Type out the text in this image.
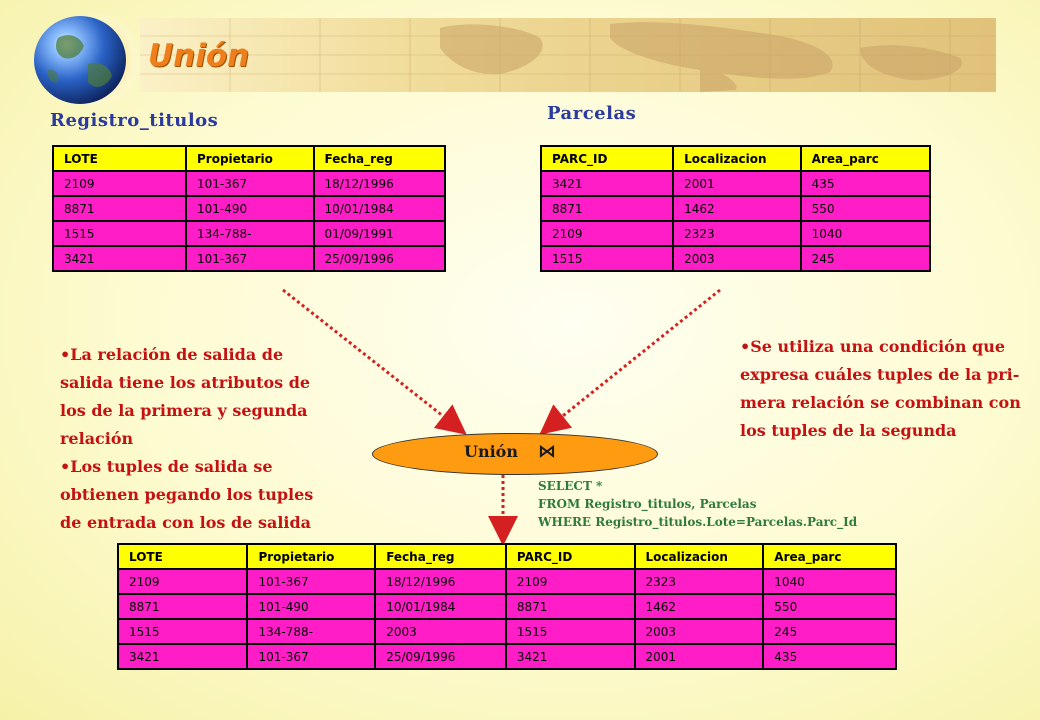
Unión
Registro_titulos	Parcelas
LOTE	Propietario	Fecha_reg
2109	101-367	18/12/1996
8871	101-490	10/01/1984
1515	134-788-	01/09/1991
3421	101-367	25/09/1996
PARC_ID	Localizacion	Area_parc
3421	2001	435
8871	1462	550
2109	2323	1040
1515	2003	245

•La relación de salida de

salida tiene los atributos de

los de la primera y segunda

relación

•Los tuples de salida se

obtienen pegando los tuples

de entrada con los de salida

•Se utiliza una condición que

expresa cuáles tuples de la pri-

mera relación se combinan con

los tuples de la segunda

Unión ⋈
SELECT *
FROM Registro_titulos, Parcelas
WHERE Registro_titulos.Lote=Parcelas.Parc_Id
LOTE	Propietario	Fecha_reg	PARC_ID	Localizacion	Area_parc
2109	101-367	18/12/1996	2109	2323	1040
8871	101-490	10/01/1984	8871	1462	550
1515	134-788-	2003	1515	2003	245
3421	101-367	25/09/1996	3421	2001	435
